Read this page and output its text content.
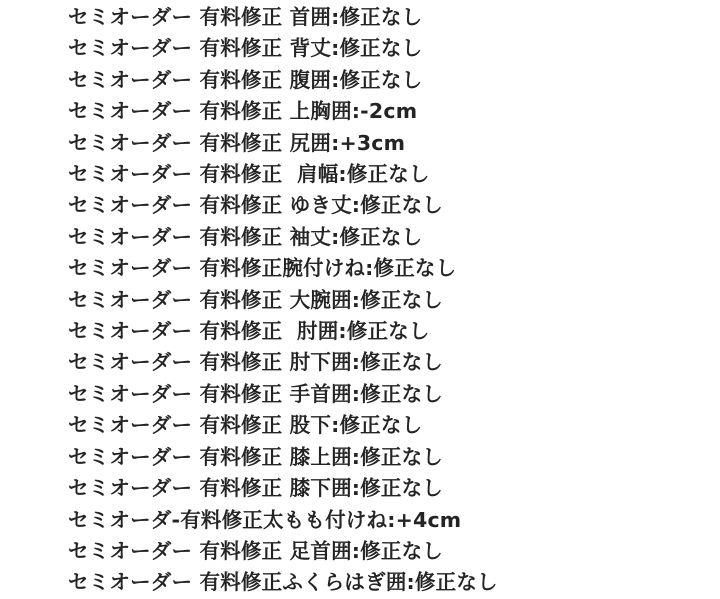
セミオーダー 有料修正 首囲:修正なし
セミオーダー 有料修正 背丈:修正なし
セミオーダー 有料修正 腹囲:修正なし
セミオーダー 有料修正 上胸囲:-2cm
セミオーダー 有料修正 尻囲:+3cm
セミオーダー 有料修正  肩幅:修正なし
セミオーダー 有料修正 ゆき丈:修正なし
セミオーダー 有料修正 袖丈:修正なし
セミオーダー 有料修正腕付けね:修正なし
セミオーダー 有料修正 大腕囲:修正なし
セミオーダー 有料修正  肘囲:修正なし
セミオーダー 有料修正 肘下囲:修正なし
セミオーダー 有料修正 手首囲:修正なし
セミオーダー 有料修正 股下:修正なし
セミオーダー 有料修正 膝上囲:修正なし
セミオーダー 有料修正 膝下囲:修正なし
セミオーダ-有料修正太もも付けね:+4cm
セミオーダー 有料修正 足首囲:修正なし
セミオーダー 有料修正ふくらはぎ囲:修正なし
